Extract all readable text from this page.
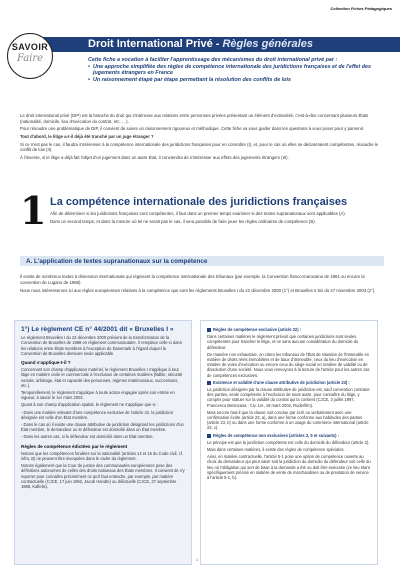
Collection Fiches Pédagogiques
Droit International Privé - Règles générales
SAVOIR
Faire	Cette fiche a vocation à faciliter l'apprentissage des mécanismes du droit international privé par :
• Une approche simplifiée des règles de compétence internationale des juridictions françaises et de l'effet des jugements étrangers en France
• Un raisonnement étapé par étape permettant la résolution des conflits de lois

Le droit international privé (DIP) est la branche du droit qui s'intéresse aux relations entre personnes privées présentant un élément d'extranéité, c'est-à-dire concernant plusieurs États (nationalité, domicile, lieu d'exécution du contrat, etc. …).

Pour résoudre une problématique de DIP, il convient de suivre un raisonnement rigoureux et méthodique. Cette fiche va vous guider dans les questions à vous poser pour y parvenir.

Tout d'abord, le litige a-t-il déjà été tranché par un juge étranger ?

Si ce n'est pas le cas, il faudra s'intéresser à la compétence internationale des juridictions françaises pour en connaître (I), et, pour le cas où elles se déclareraient compétentes, résoudre le conflit de lois (II).

À l'inverse, si le litige a déjà fait l'objet d'un jugement dans un autre État, il conviendra de s'intéresser aux effets des jugements étrangers (III).

1 La compétence internationale des juridictions françaises

Afin de déterminer si les juridictions françaises sont compétentes, il faut dans un premier temps examiner si des textes supranationaux sont applicables (A).

Dans un second temps, et dans la mesure où tel ne serait pas le cas, il sera possible de faire jouer les règles ordinaires de compétence (B).

A. L'application de textes supranationaux sur la compétence

Il existe de nombreux textes à dimension internationale qui régissent la compétence internationale des tribunaux (par exemple, la Convention franco-marocaine de 1981 ou encore la convention de Lugano de 1988).

Nous nous intéresserons ici aux règles européennes relatives à la compétence que sont les règlements Bruxelles I du 22 décembre 2000 (1°) et Bruxelles II bis du 27 novembre 2003 (2°).

1°) Le règlement CE n° 44/2001 dit « Bruxelles I »

Le règlement Bruxelles I du 22 décembre 2000 prévient de la transformation de la Convention de Bruxelles de 1968 en règlement communautaire. Il remplace celle-ci dans les relations entre États membres à l'exception du Danemark à l'égard duquel la Convention de Bruxelles demeure seule applicable.

Quand s'applique-t-il ?

Concernant son champ d'application matériel, le règlement Bruxelles I s'applique à tout litige en matière civile et commerciale à l'exclusion de certaines matières (faillite, sécurité sociale, arbitrage, état et capacité des personnes, régimes matrimoniaux, successions, etc.).

Temporellement, le règlement s'applique à toute action engagée après son entrée en vigueur, à savoir le 1er mars 2002.

Quant à son champ d'application spatial, le règlement ne s'applique que si :

- Dans une matière relevant d'une compétence exclusive de l'article 22, la juridiction désignée est celle d'un État membre.

- Dans le cas où il existe une clause attributive de juridiction désignant les juridictions d'un État membre, le demandeur ou le défendeur est domicilié dans un État membre.

- Dans les autres cas, si le défendeur est domicilié dans un État membre.

Règles de compétence édictées par le règlement

Notons que les compétences fondées sur la nationalité (articles 14 et 15 du Code civil, cf. infra, B) ne peuvent être invoquées dans le cadre du règlement.

Notons également que la Cour de justice des communautés européennes pose des définitions autonomes de celles des droits nationaux des États membres. Il convient de s'y reporter pour connaître précisément ce qu'il faut entendre, par exemple, par matière contractuelle (CJCE, 17 juin 1992, Jacob Handte) ou délictuelle (CJCE, 27 septembre 1988, Kalfelis).

Règles de compétence exclusive (article 22) :

Dans certaines matières le règlement prévoit que certaines juridictions sont seules compétentes pour trancher le litige, et ce sans aucune considération du domicile du défendeur.

De manière non exhaustive, on citera les tribunaux de l'État de situation de l'immeuble en matière de droits réels immobiliers et de baux d'immeuble, ceux du lieu d'exécution en matière de voies d'exécution ou encore ceux du siège social en matière de validité ou de dissolution d'une société. Nous vous renvoyons à la lecture de l'article pour les autres cas de compétences exclusives.

Existence et validité d'une clause attributive de juridiction (article 23) :

La juridiction désignée par la clause attributive de juridiction est, sauf convention contraire des parties, seule compétente à l'exclusion de toute autre, pour connaître du litige, y compris pour statuer sur la validité du contrat qui la contient (CJCE, 3 juillet 1997, Francesco Benincasa ; Civ. 1re, 19 mars 2002, Ruderfilm).

Mais encore faut-il que la clause soit conclue par écrit ou verbalement avec une confirmation écrite (article 23, a), dans une forme conforme aux habitudes des parties (article 23, b) ou dans une forme conforme à un usage du commerce international (article 23, c).

Règles de compétence non exclusives (articles 2, 5 et suivants) :

Le principe est que la juridiction compétente est celle du domicile du défendeur (article 2).

Mais dans certaines matières, il existe des règles de compétence spéciales.

Ainsi, en matière contractuelle, l'article 5-1 pose une option de compétence ouverte au choix du demandeur qui peut saisir soit la juridiction du domicile du défendeur soit celle du lieu où l'obligation qui sert de base à la demande a été ou doit être exécutée (ce lieu étant spécifiquement précisé en matière de vente de marchandises ou de prestation de service à l'article 5-1, b).

1
